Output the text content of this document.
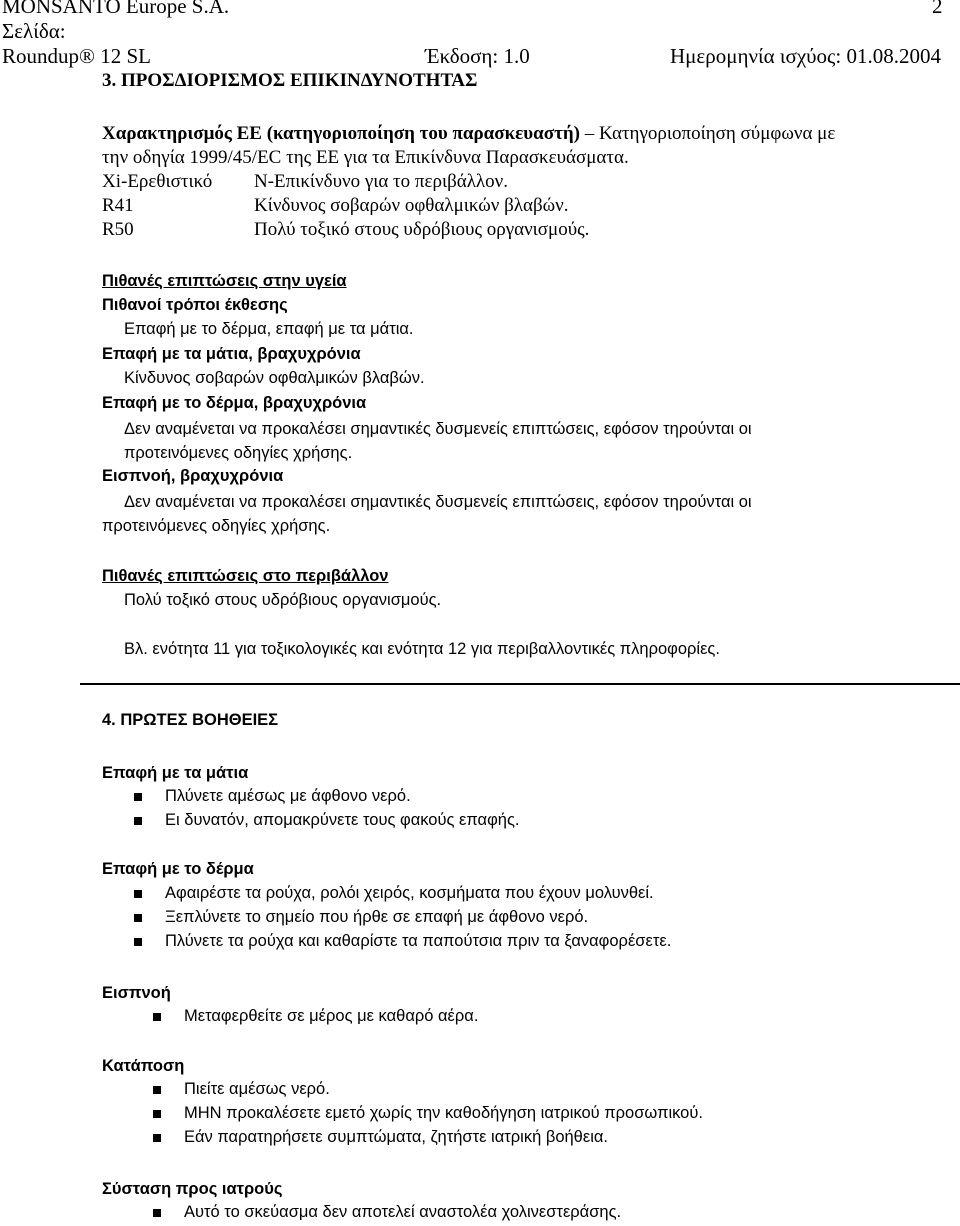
MONSANTO Europe S.A.	2
Σελίδα:
Roundup® 12 SL	Έκδοση: 1.0	Ημερομηνία ισχύος: 01.08.2004
3. ΠΡΟΣΔΙΟΡΙΣΜΟΣ ΕΠΙΚΙΝΔΥΝΟΤΗΤΑΣ
Χαρακτηρισμός ΕΕ (κατηγοριοποίηση του παρασκευαστή) – Κατηγοριοποίηση σύμφωνα με
την οδηγία 1999/45/ΕC της ΕΕ για τα Επικίνδυνα Παρασκευάσματα.
Xi-Ερεθιστικό N-Επικίνδυνο για το περιβάλλον.
R41	Κίνδυνος σοβαρών οφθαλμικών βλαβών.
R50	Πολύ τοξικό στους υδρόβιους οργανισμούς.
Πιθανές επιπτώσεις στην υγεία
Πιθανοί τρόποι έκθεσης
Επαφή με το δέρμα, επαφή με τα μάτια.
Επαφή με τα μάτια, βραχυχρόνια
Κίνδυνος σοβαρών οφθαλμικών βλαβών.
Επαφή με το δέρμα, βραχυχρόνια
Δεν αναμένεται να προκαλέσει σημαντικές δυσμενείς επιπτώσεις, εφόσον τηρούνται οι
προτεινόμενες οδηγίες χρήσης.
Εισπνοή, βραχυχρόνια
Δεν αναμένεται να προκαλέσει σημαντικές δυσμενείς επιπτώσεις, εφόσον τηρούνται οι
προτεινόμενες οδηγίες χρήσης.
Πιθανές επιπτώσεις στο περιβάλλον
Πολύ τοξικό στους υδρόβιους οργανισμούς.
Βλ. ενότητα 11 για τοξικολογικές και ενότητα 12 για περιβαλλοντικές πληροφορίες.
4. ΠΡΩΤΕΣ ΒΟΗΘΕΙΕΣ
Επαφή με τα μάτια
Πλύνετε αμέσως με άφθονο νερό.
Ει δυνατόν, απομακρύνετε τους φακούς επαφής.
Επαφή με το δέρμα
Αφαιρέστε τα ρούχα, ρολόι χειρός, κοσμήματα που έχουν μολυνθεί.
Ξεπλύνετε το σημείο που ήρθε σε επαφή με άφθονο νερό.
Πλύνετε τα ρούχα και καθαρίστε τα παπούτσια πριν τα ξαναφορέσετε.
Εισπνοή
Μεταφερθείτε σε μέρος με καθαρό αέρα.
Κατάποση
Πιείτε αμέσως νερό.
ΜΗΝ προκαλέσετε εμετό χωρίς την καθοδήγηση ιατρικού προσωπικού.
Εάν παρατηρήσετε συμπτώματα, ζητήστε ιατρική βοήθεια.
Σύσταση προς ιατρούς
Αυτό το σκεύασμα δεν αποτελεί αναστολέα χολινεστεράσης.
